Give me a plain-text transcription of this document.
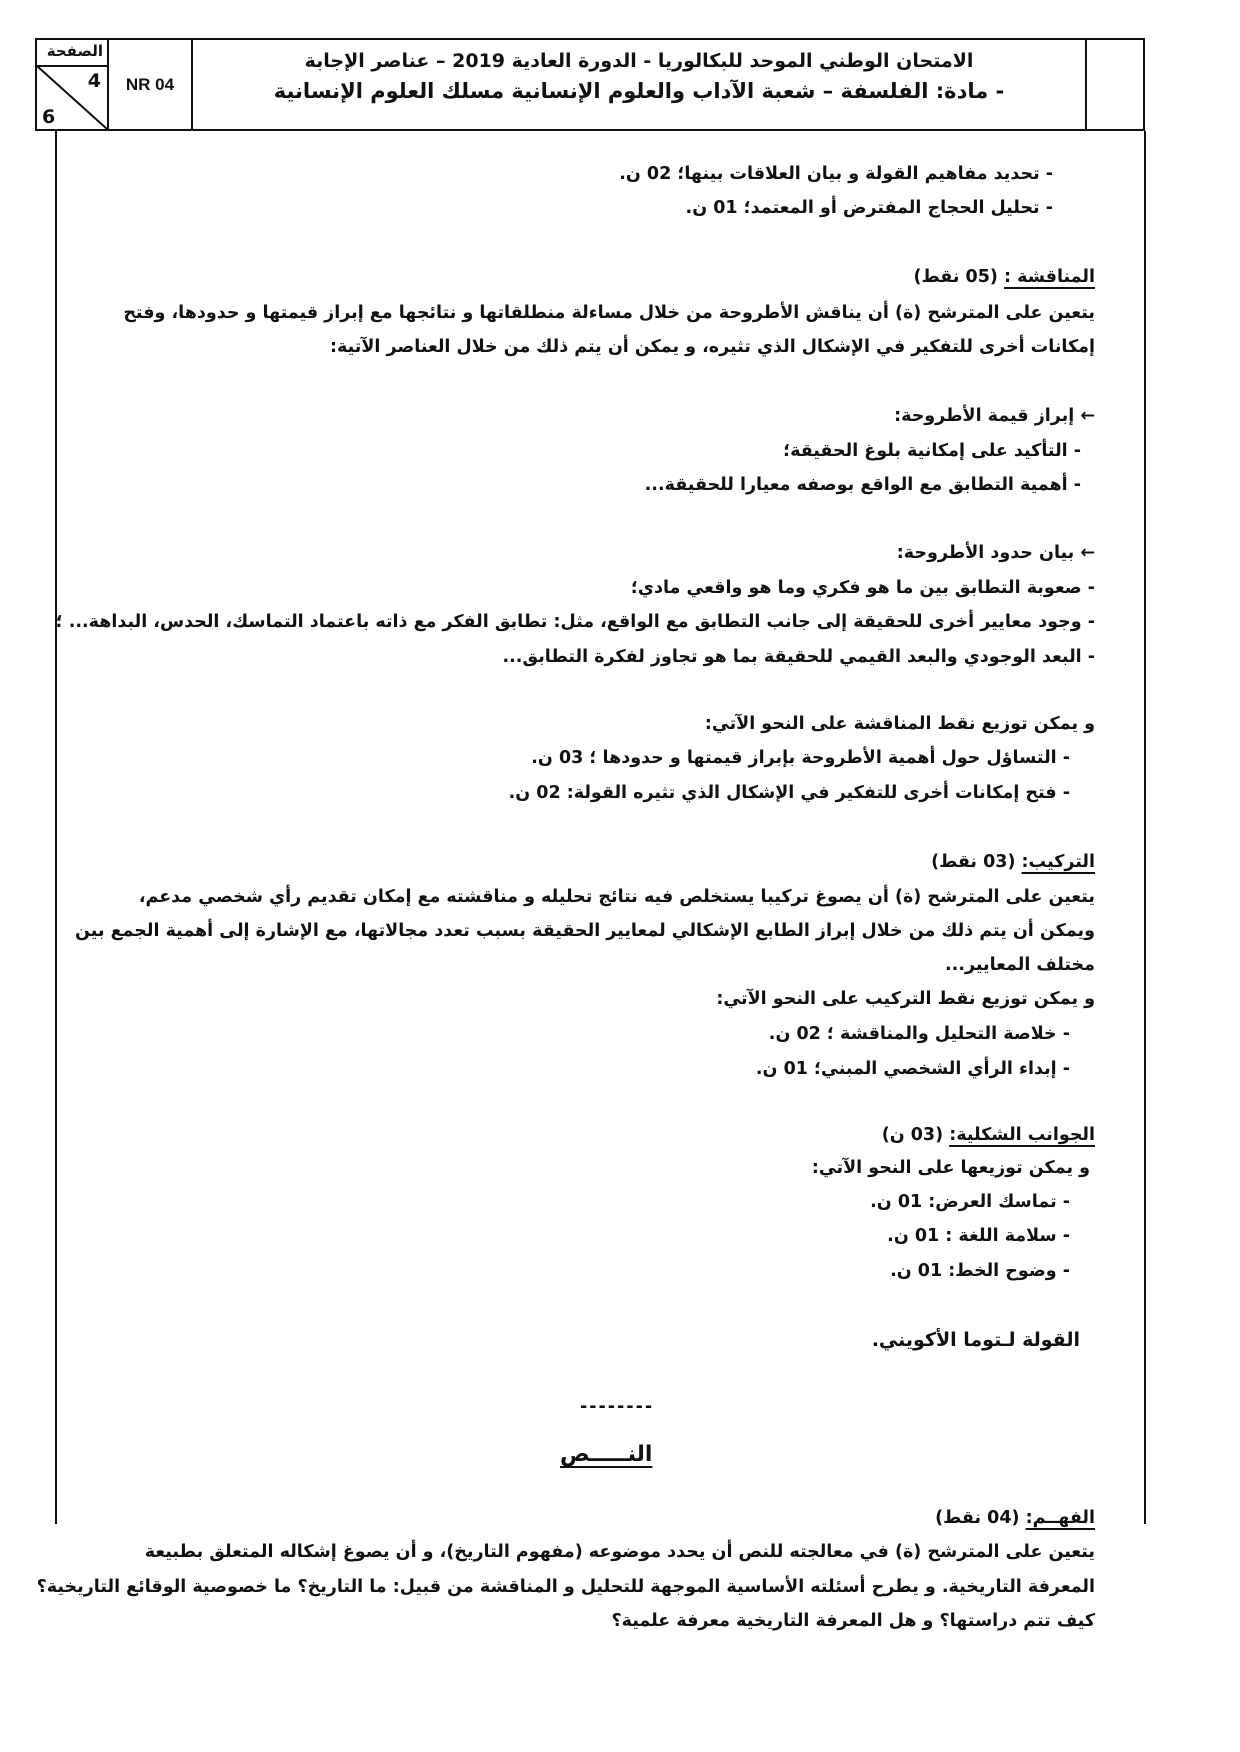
الصفحة
4
6
NR 04
الامتحان الوطني الموحد للبكالوريا - الدورة العادية 2019 – عناصر الإجابة
- مادة: الفلسفة – شعبة الآداب والعلوم الإنسانية مسلك العلوم الإنسانية
- تحديد مفاهيم القولة و بيان العلاقات بينها؛ 02 ن.
- تحليل الحجاج المفترض أو المعتمد؛ 01 ن.
المناقشة : (05 نقط)
يتعين على المترشح (ة) أن يناقش الأطروحة من خلال مساءلة منطلقاتها و نتائجها مع إبراز قيمتها و حدودها، وفتح
إمكانات أخرى للتفكير في الإشكال الذي تثيره، و يمكن أن يتم ذلك من خلال العناصر الآتية:
← إبراز قيمة الأطروحة:
- التأكيد على إمكانية بلوغ الحقيقة؛
- أهمية التطابق مع الواقع بوصفه معيارا للحقيقة...
← بيان حدود الأطروحة:
- صعوبة التطابق بين ما هو فكري وما هو واقعي مادي؛
- وجود معايير أخرى للحقيقة إلى جانب التطابق مع الواقع، مثل: تطابق الفكر مع ذاته باعتماد التماسك، الحدس، البداهة... ؛
- البعد الوجودي والبعد القيمي للحقيقة بما هو تجاوز لفكرة التطابق...
و يمكن توزيع نقط المناقشة على النحو الآتي:
- التساؤل حول أهمية الأطروحة بإبراز قيمتها و حدودها ؛ 03 ن.
- فتح إمكانات أخرى للتفكير في الإشكال الذي تثيره القولة: 02 ن.
التركيب: (03 نقط)
يتعين على المترشح (ة) أن يصوغ تركيبا يستخلص فيه نتائج تحليله و مناقشته مع إمكان تقديم رأي شخصي مدعم،
ويمكن أن يتم ذلك من خلال إبراز الطابع الإشكالي لمعايير الحقيقة بسبب تعدد مجالاتها، مع الإشارة إلى أهمية الجمع بين
مختلف المعايير...
و يمكن توزيع نقط التركيب على النحو الآتي:
- خلاصة التحليل والمناقشة ؛ 02 ن.
- إبداء الرأي الشخصي المبني؛ 01 ن.
الجوانب الشكلية: (03 ن)
و يمكن توزيعها على النحو الآتي:
- تماسك العرض: 01 ن.
- سلامة اللغة : 01 ن.
- وضوح الخط: 01 ن.
القولة لـتوما الأكويني.
--------
النـــــص
الفهــم: (04 نقط)
يتعين على المترشح (ة) في معالجته للنص أن يحدد موضوعه (مفهوم التاريخ)، و أن يصوغ إشكاله المتعلق بطبيعة
المعرفة التاريخية. و يطرح أسئلته الأساسية الموجهة للتحليل و المناقشة من قبيل: ما التاريخ؟ ما خصوصية الوقائع التاريخية؟
كيف تتم دراستها؟ و هل المعرفة التاريخية معرفة علمية؟
